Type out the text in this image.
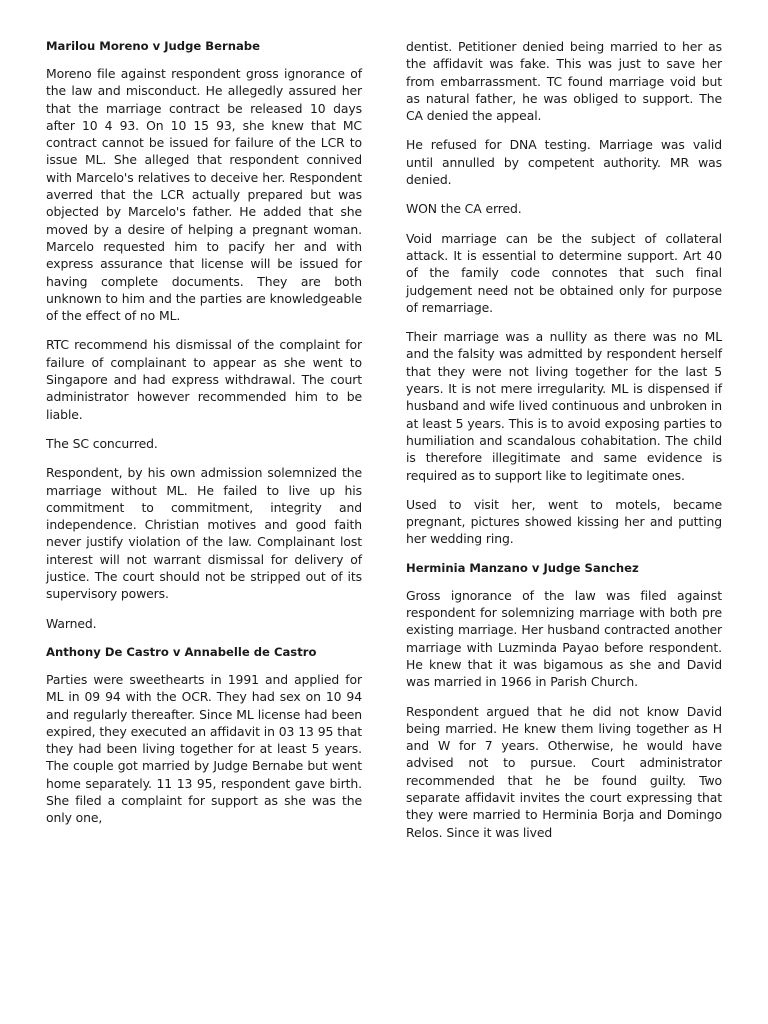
Marilou Moreno v Judge Bernabe

Moreno file against respondent gross ignorance of the law and misconduct. He allegedly assured her that the marriage contract be released 10 days after 10 4 93. On 10 15 93, she knew that MC contract cannot be issued for failure of the LCR to issue ML. She alleged that respondent connived with Marcelo's relatives to deceive her. Respondent averred that the LCR actually prepared but was objected by Marcelo's father. He added that she moved by a desire of helping a pregnant woman. Marcelo requested him to pacify her and with express assurance that license will be issued for having complete documents. They are both unknown to him and the parties are knowledgeable of the effect of no ML.

RTC recommend his dismissal of the complaint for failure of complainant to appear as she went to Singapore and had express withdrawal. The court administrator however recommended him to be liable.

The SC concurred.

Respondent, by his own admission solemnized the marriage without ML. He failed to live up his commitment to commitment, integrity and independence. Christian motives and good faith never justify violation of the law. Complainant lost interest will not warrant dismissal for delivery of justice. The court should not be stripped out of its supervisory powers.

Warned.

Anthony De Castro v Annabelle de Castro

Parties were sweethearts in 1991 and applied for ML in 09 94 with the OCR. They had sex on 10 94 and regularly thereafter. Since ML license had been expired, they executed an affidavit in 03 13 95 that they had been living together for at least 5 years. The couple got married by Judge Bernabe but went home separately. 11 13 95, respondent gave birth. She filed a complaint for support as she was the only one,

dentist. Petitioner denied being married to her as the affidavit was fake. This was just to save her from embarrassment. TC found marriage void but as natural father, he was obliged to support. The CA denied the appeal.

He refused for DNA testing. Marriage was valid until annulled by competent authority. MR was denied.

WON the CA erred.

Void marriage can be the subject of collateral attack. It is essential to determine support. Art 40 of the family code connotes that such final judgement need not be obtained only for purpose of remarriage.

Their marriage was a nullity as there was no ML and the falsity was admitted by respondent herself that they were not living together for the last 5 years. It is not mere irregularity. ML is dispensed if husband and wife lived continuous and unbroken in at least 5 years. This is to avoid exposing parties to humiliation and scandalous cohabitation. The child is therefore illegitimate and same evidence is required as to support like to legitimate ones.

Used to visit her, went to motels, became pregnant, pictures showed kissing her and putting her wedding ring.

Herminia Manzano v Judge Sanchez

Gross ignorance of the law was filed against respondent for solemnizing marriage with both pre existing marriage. Her husband contracted another marriage with Luzminda Payao before respondent. He knew that it was bigamous as she and David was married in 1966 in Parish Church.

Respondent argued that he did not know David being married. He knew them living together as H and W for 7 years. Otherwise, he would have advised not to pursue. Court administrator recommended that he be found guilty. Two separate affidavit invites the court expressing that they were married to Herminia Borja and Domingo Relos. Since it was lived
